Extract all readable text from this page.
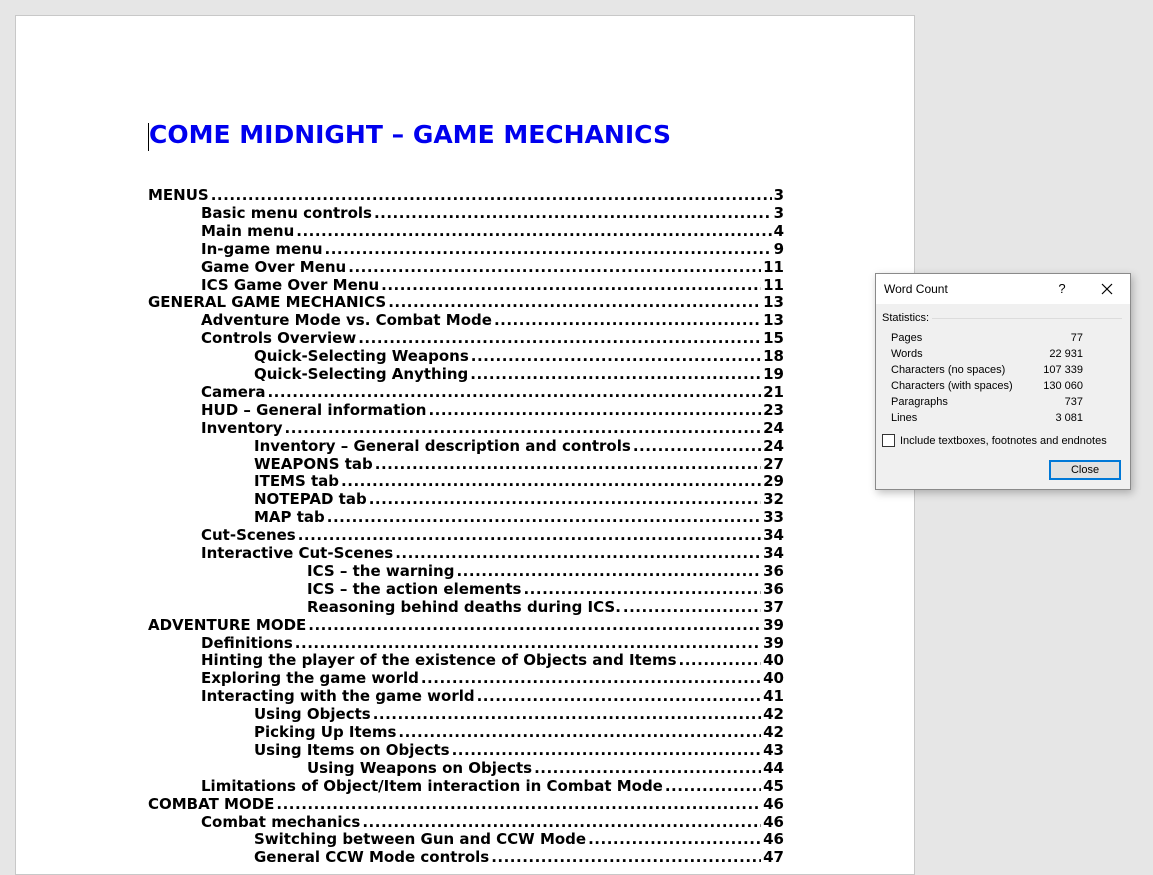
COME MIDNIGHT – GAME MECHANICS
MENUS .....	3
Basic menu controls .....	3
Main menu .....	4
In-game menu .....	9
Game Over Menu .....	11
ICS Game Over Menu .....	11
GENERAL GAME MECHANICS .....	13
Adventure Mode vs. Combat Mode .....	13
Controls Overview .....	15
Quick-Selecting Weapons .....	18
Quick-Selecting Anything .....	19
Camera .....	21
HUD – General information .....	23
Inventory .....	24
Inventory – General description and controls .....	24
WEAPONS tab .....	27
ITEMS tab .....	29
NOTEPAD tab .....	32
MAP tab .....	33
Cut-Scenes .....	34
Interactive Cut-Scenes .....	34
ICS – the warning .....	36
ICS – the action elements .....	36
Reasoning behind deaths during ICS. .....	37
ADVENTURE MODE .....	39
Definitions .....	39
Hinting the player of the existence of Objects and Items .....	40
Exploring the game world .....	40
Interacting with the game world .....	41
Using Objects .....	42
Picking Up Items .....	42
Using Items on Objects .....	43
Using Weapons on Objects .....	44
Limitations of Object/Item interaction in Combat Mode .....	45
COMBAT MODE .....	46
Combat mechanics .....	46
Switching between Gun and CCW Mode .....	46
General CCW Mode controls .....	47
Word Count	?
Statistics:
Pages	77
Words	22 931
Characters (no spaces)	107 339
Characters (with spaces)	130 060
Paragraphs	737
Lines	3 081
Include textboxes, footnotes and endnotes
Close
